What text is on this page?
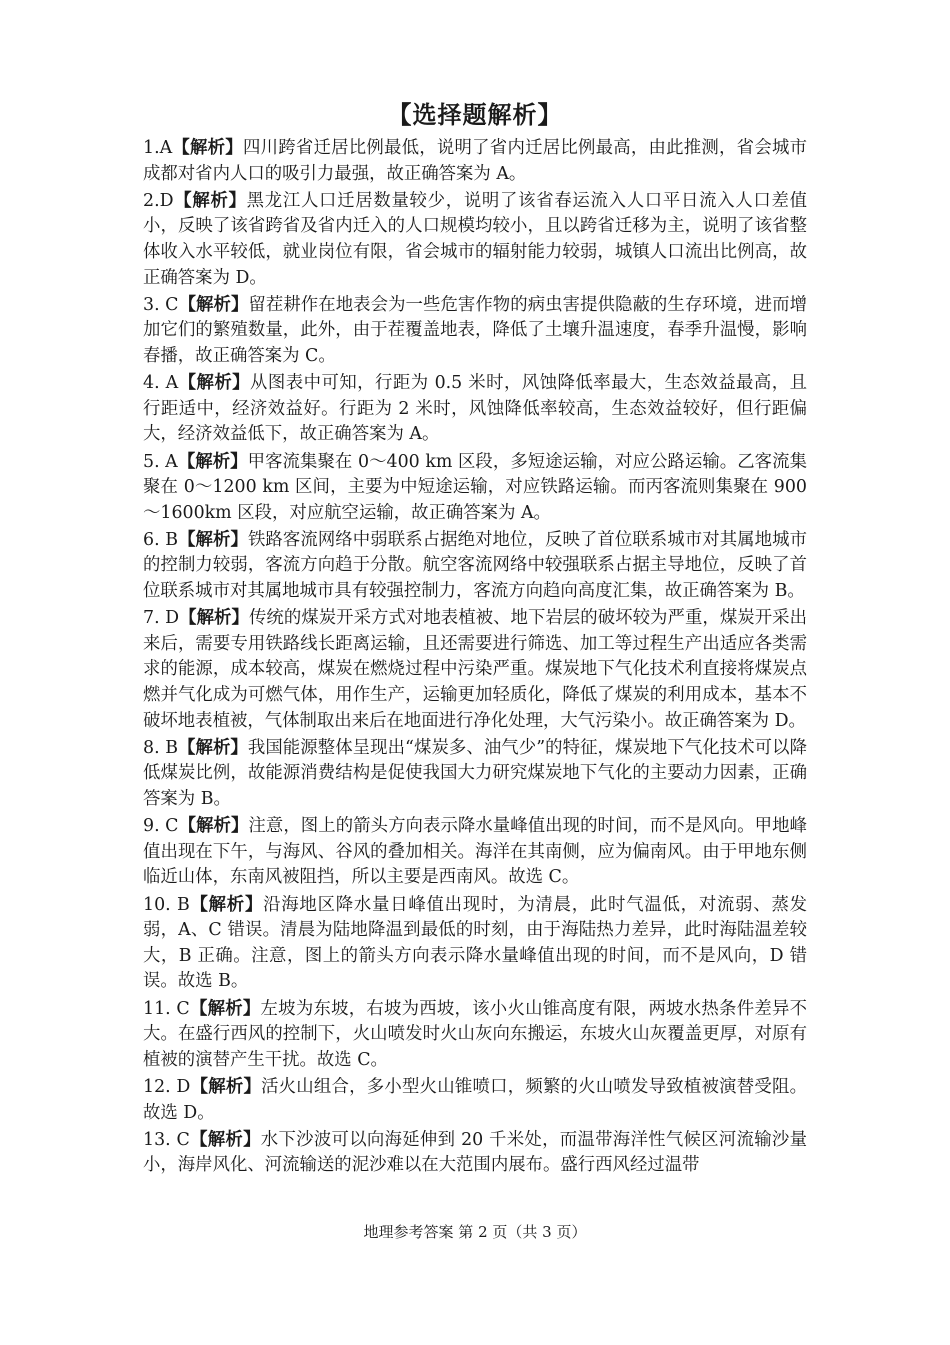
【选择题解析】

1.A【解析】四川跨省迁居比例最低，说明了省内迁居比例最高，由此推测，省会城市成都对省内人口的吸引力最强，故正确答案为 A。

2.D【解析】黑龙江人口迁居数量较少，说明了该省春运流入人口平日流入人口差值小，反映了该省跨省及省内迁入的人口规模均较小，且以跨省迁移为主，说明了该省整体收入水平较低，就业岗位有限，省会城市的辐射能力较弱，城镇人口流出比例高，故正确答案为 D。

3. C【解析】留茬耕作在地表会为一些危害作物的病虫害提供隐蔽的生存环境，进而增加它们的繁殖数量，此外，由于茬覆盖地表，降低了土壤升温速度，春季升温慢，影响春播，故正确答案为 C。

4. A【解析】从图表中可知，行距为 0.5 米时，风蚀降低率最大，生态效益最高，且行距适中，经济效益好。行距为 2 米时，风蚀降低率较高，生态效益较好，但行距偏大，经济效益低下，故正确答案为 A。

5. A【解析】甲客流集聚在 0～400 km 区段，多短途运输，对应公路运输。乙客流集聚在 0～1200 km 区间，主要为中短途运输，对应铁路运输。而丙客流则集聚在 900～1600km 区段，对应航空运输，故正确答案为 A。

6. B【解析】铁路客流网络中弱联系占据绝对地位，反映了首位联系城市对其属地城市的控制力较弱，客流方向趋于分散。航空客流网络中较强联系占据主导地位，反映了首位联系城市对其属地城市具有较强控制力，客流方向趋向高度汇集，故正确答案为 B。

7. D【解析】传统的煤炭开采方式对地表植被、地下岩层的破坏较为严重，煤炭开采出来后，需要专用铁路线长距离运输，且还需要进行筛选、加工等过程生产出适应各类需求的能源，成本较高，煤炭在燃烧过程中污染严重。煤炭地下气化技术利直接将煤炭点燃并气化成为可燃气体，用作生产，运输更加轻质化，降低了煤炭的利用成本，基本不破坏地表植被，气体制取出来后在地面进行净化处理，大气污染小。故正确答案为 D。

8. B【解析】我国能源整体呈现出“煤炭多、油气少”的特征，煤炭地下气化技术可以降低煤炭比例，故能源消费结构是促使我国大力研究煤炭地下气化的主要动力因素，正确答案为 B。

9. C【解析】注意，图上的箭头方向表示降水量峰值出现的时间，而不是风向。甲地峰值出现在下午，与海风、谷风的叠加相关。海洋在其南侧，应为偏南风。由于甲地东侧临近山体，东南风被阻挡，所以主要是西南风。故选 C。

10. B【解析】沿海地区降水量日峰值出现时，为清晨，此时气温低，对流弱、蒸发弱，A、C 错误。清晨为陆地降温到最低的时刻，由于海陆热力差异，此时海陆温差较大，B 正确。注意，图上的箭头方向表示降水量峰值出现的时间，而不是风向，D 错误。故选 B。

11. C【解析】左坡为东坡，右坡为西坡，该小火山锥高度有限，两坡水热条件差异不大。在盛行西风的控制下，火山喷发时火山灰向东搬运，东坡火山灰覆盖更厚，对原有植被的演替产生干扰。故选 C。

12. D【解析】活火山组合，多小型火山锥喷口，频繁的火山喷发导致植被演替受阻。故选 D。

13. C【解析】水下沙波可以向海延伸到 20 千米处，而温带海洋性气候区河流输沙量小，海岸风化、河流输送的泥沙难以在大范围内展布。盛行西风经过温带

地理参考答案 第 2 页（共 3 页）
